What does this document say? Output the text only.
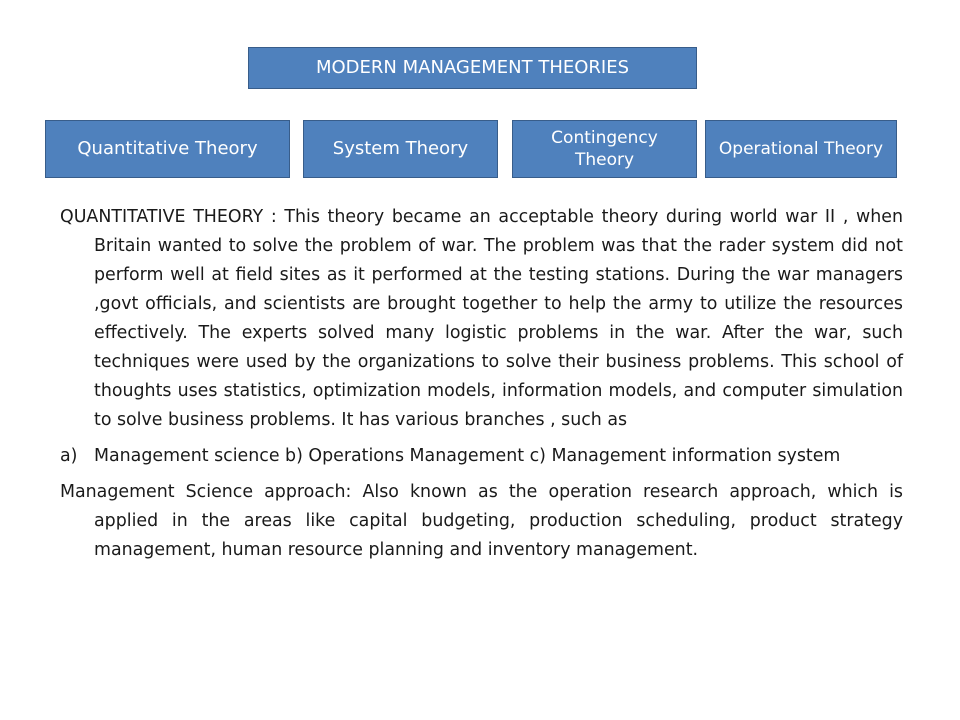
MODERN MANAGEMENT THEORIES
Quantitative Theory	System Theory
Contingency Theory
Operational Theory

QUANTITATIVE THEORY : This theory became an acceptable theory during world war II , when Britain wanted to solve the problem of war. The problem was that the rader system did not perform well at field sites as it performed at the testing stations. During the war managers ,govt officials, and scientists are brought together to help the army to utilize the resources effectively. The experts solved many logistic problems in the war. After the war, such techniques were used by the organizations to solve their business problems. This school of thoughts uses statistics, optimization models, information models, and computer simulation to solve business problems. It has various branches , such as

a) Management science b) Operations Management c) Management information system

Management Science approach: Also known as the operation research approach, which is applied in the areas like capital budgeting, production scheduling, product strategy management, human resource planning and inventory management.
